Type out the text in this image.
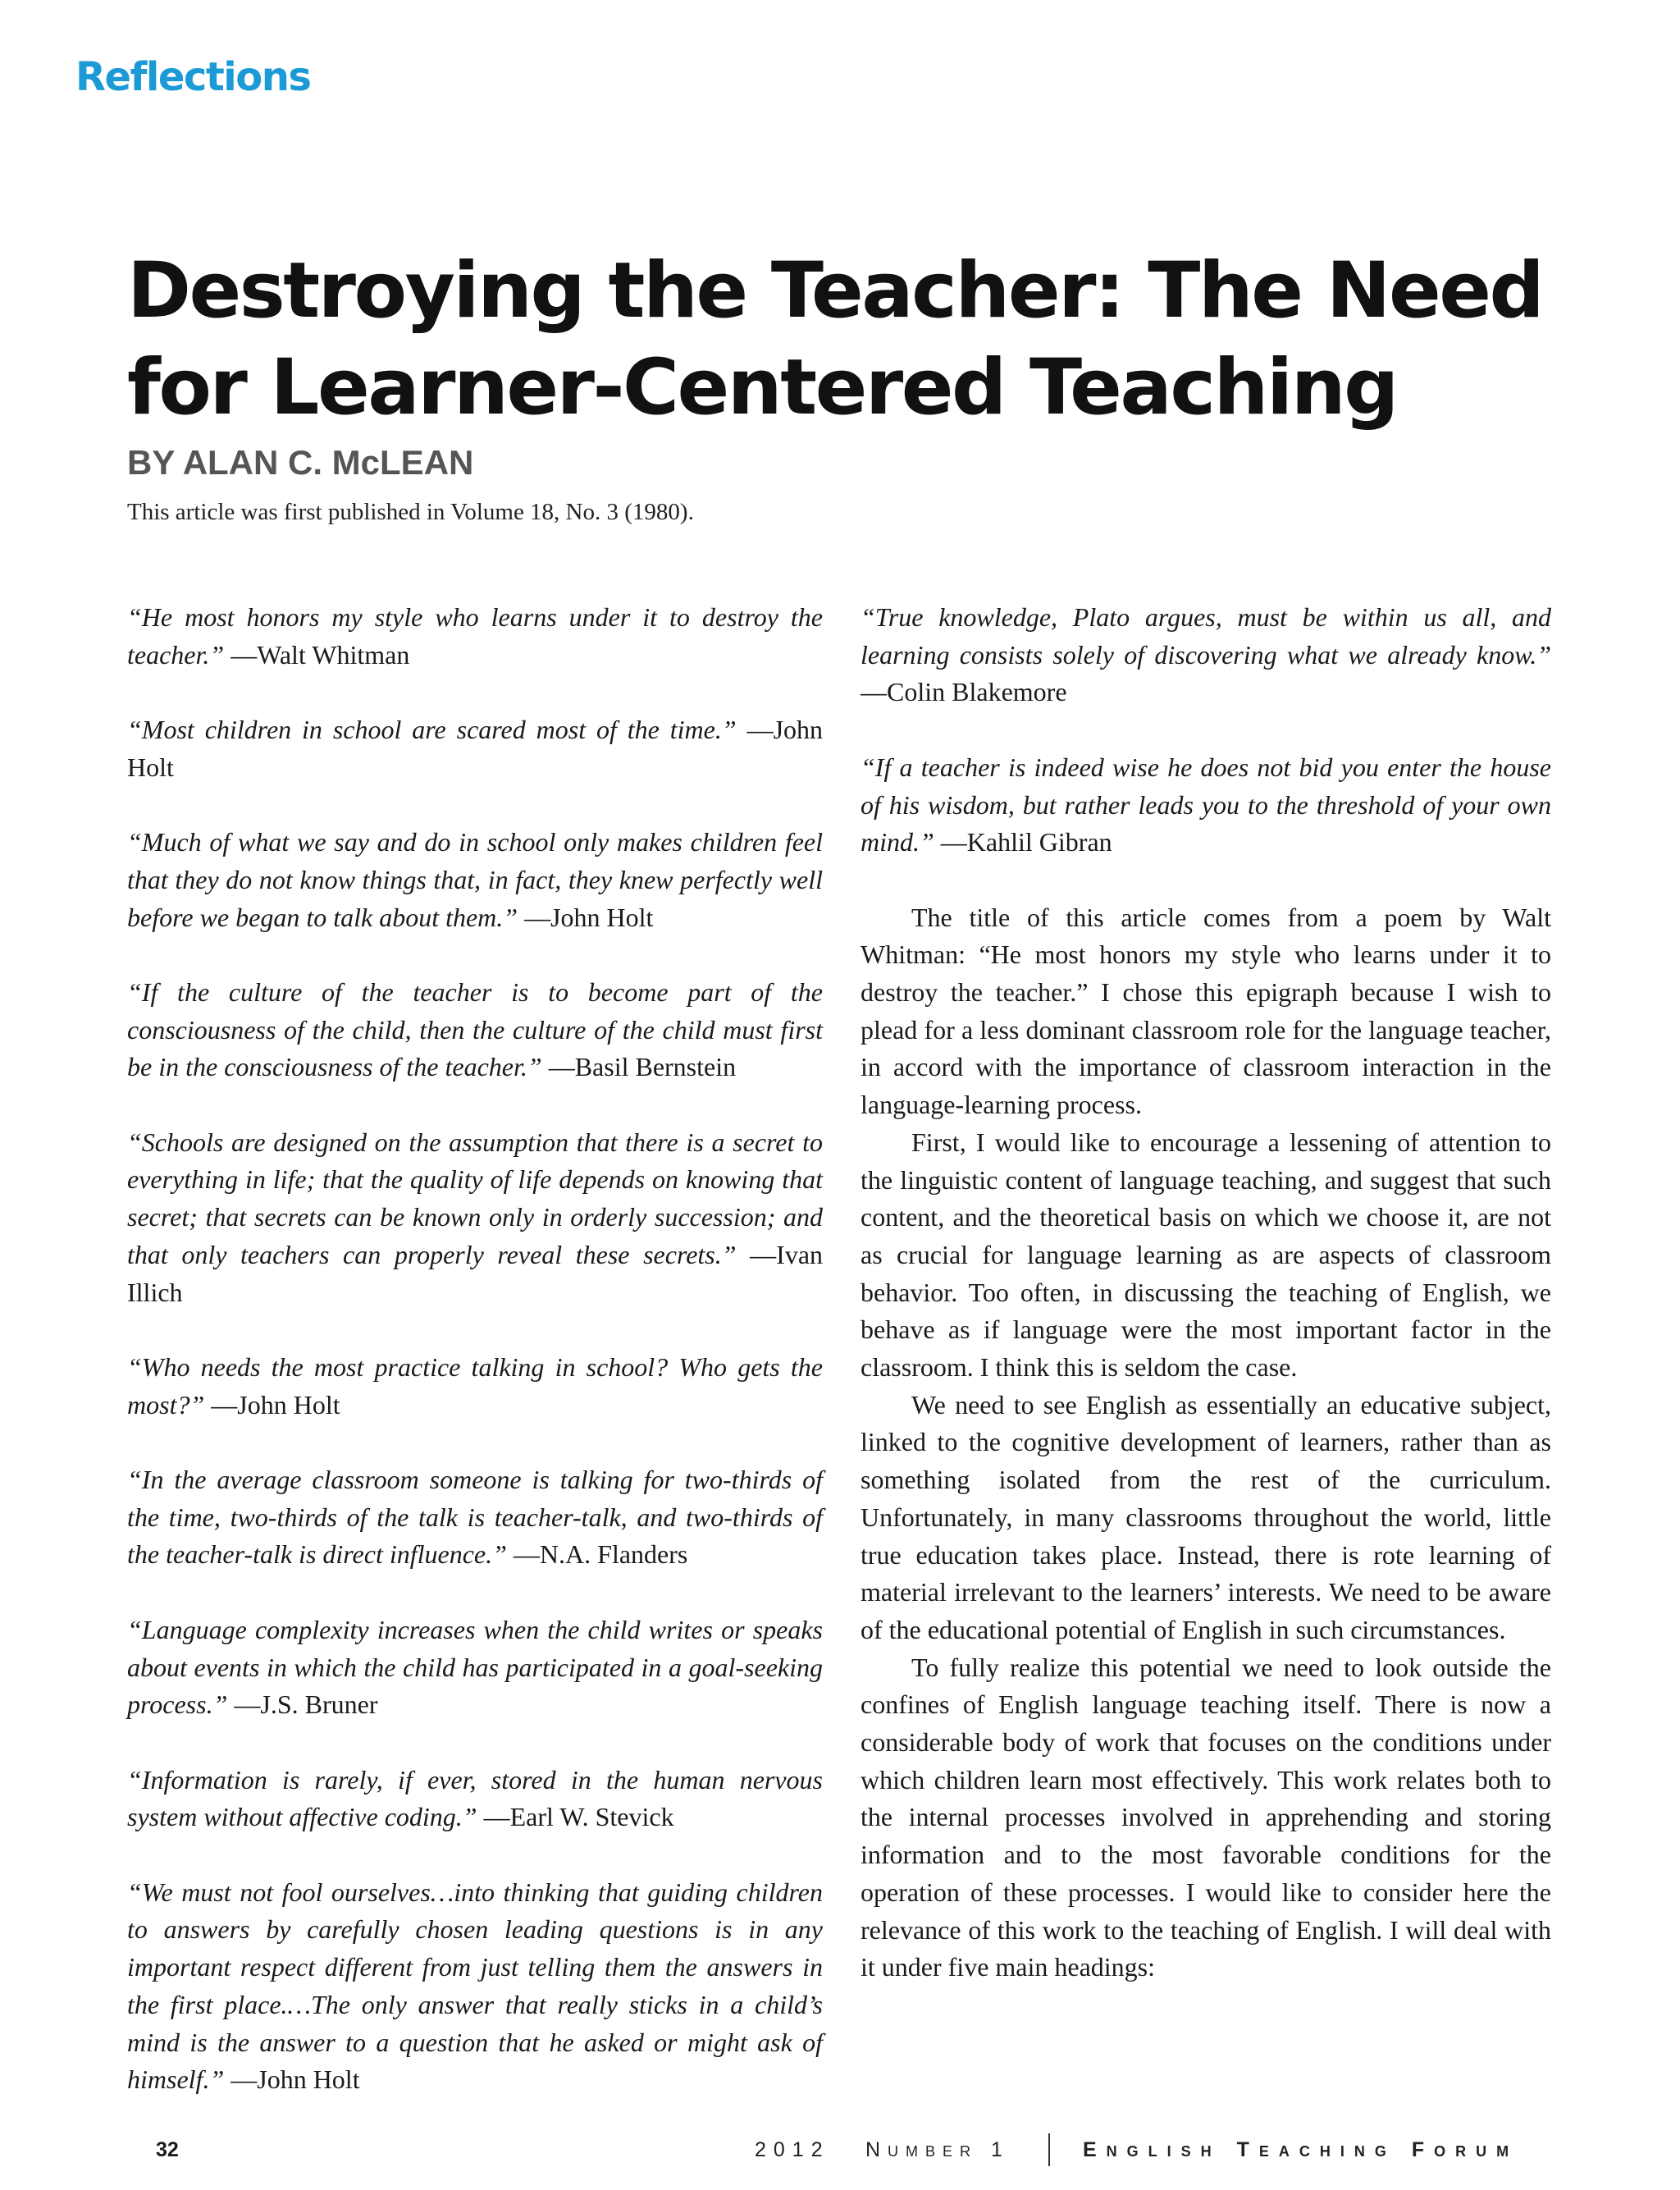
Reflections
Destroying the Teacher: The Need for Learner-Centered Teaching
BY ALAN C. McLEAN
This article was first published in Volume 18, No. 3 (1980).

“He most honors my style who learns under it to destroy the teacher.” —Walt Whitman

“Most children in school are scared most of the time.” —John Holt

“Much of what we say and do in school only makes children feel that they do not know things that, in fact, they knew perfectly well before we began to talk about them.” —John Holt

“If the culture of the teacher is to become part of the consciousness of the child, then the culture of the child must first be in the consciousness of the teacher.” —Basil Bernstein

“Schools are designed on the assumption that there is a secret to everything in life; that the quality of life depends on knowing that secret; that secrets can be known only in orderly succession; and that only teachers can properly reveal these secrets.” —Ivan Illich

“Who needs the most practice talking in school? Who gets the most?” —John Holt

“In the average classroom someone is talking for two-thirds of the time, two-thirds of the talk is teacher-talk, and two-thirds of the teacher-talk is direct influence.” —N.A. Flanders

“Language complexity increases when the child writes or speaks about events in which the child has participated in a goal-seeking process.” —J.S. Bruner

“Information is rarely, if ever, stored in the human nervous system without affective coding.” —Earl W. Stevick

“We must not fool ourselves…into thinking that guiding children to answers by carefully chosen leading questions is in any important respect different from just telling them the answers in the first place.…The only answer that really sticks in a child’s mind is the answer to a question that he asked or might ask of himself.” —John Holt

“True knowledge, Plato argues, must be within us all, and learning consists solely of discovering what we already know.” —Colin Blakemore

“If a teacher is indeed wise he does not bid you enter the house of his wisdom, but rather leads you to the threshold of your own mind.” —Kahlil Gibran

The title of this article comes from a poem by Walt Whitman: “He most honors my style who learns under it to destroy the teacher.” I chose this epigraph because I wish to plead for a less dominant classroom role for the language teacher, in accord with the importance of classroom interaction in the language-learning process.

First, I would like to encourage a lessening of attention to the linguistic content of language teaching, and suggest that such content, and the theoretical basis on which we choose it, are not as crucial for language learning as are aspects of classroom behavior. Too often, in discussing the teaching of English, we behave as if language were the most important factor in the classroom. I think this is seldom the case.

We need to see English as essentially an educative subject, linked to the cognitive development of learners, rather than as something isolated from the rest of the curriculum. Unfortunately, in many classrooms throughout the world, little true education takes place. Instead, there is rote learning of material irrelevant to the learners’ interests. We need to be aware of the educational potential of English in such circumstances.

To fully realize this potential we need to look outside the confines of English language teaching itself. There is now a considerable body of work that focuses on the conditions under which children learn most effectively. This work relates both to the internal processes involved in apprehending and storing information and to the most favorable conditions for the operation of these processes. I would like to consider here the relevance of this work to the teaching of English. I will deal with it under five main headings:

32	2012 Number 1	English Teaching Forum
